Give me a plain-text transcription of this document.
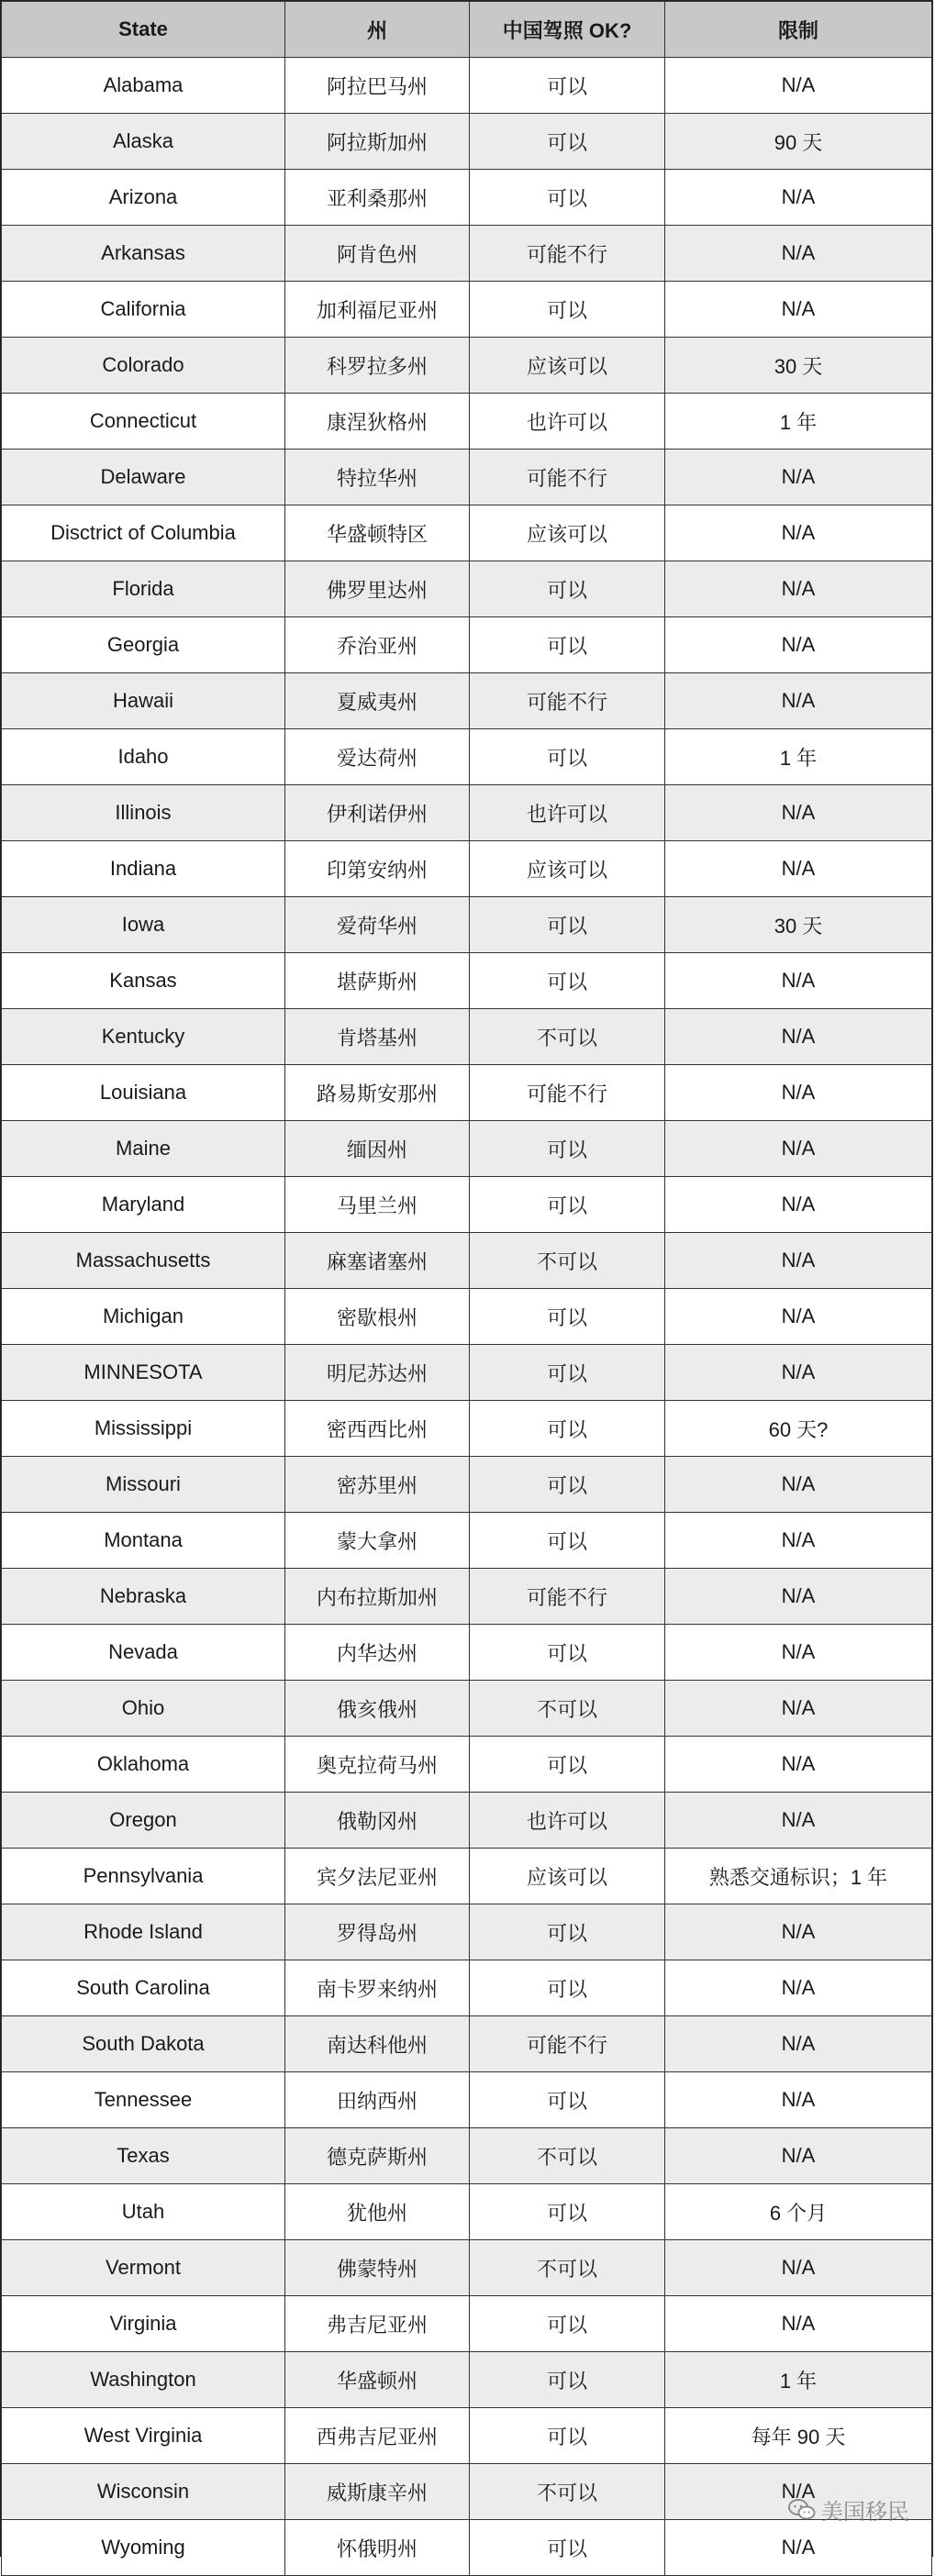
State	州	中国驾照 OK?	限制
Alabama	阿拉巴马州	可以	N/A
Alaska	阿拉斯加州	可以	90 天
Arizona	亚利桑那州	可以	N/A
Arkansas	阿肯色州	可能不行	N/A
California	加利福尼亚州	可以	N/A
Colorado	科罗拉多州	应该可以	30 天
Connecticut	康涅狄格州	也许可以	1 年
Delaware	特拉华州	可能不行	N/A
Disctrict of Columbia	华盛顿特区	应该可以	N/A
Florida	佛罗里达州	可以	N/A
Georgia	乔治亚州	可以	N/A
Hawaii	夏威夷州	可能不行	N/A
Idaho	爱达荷州	可以	1 年
Illinois	伊利诺伊州	也许可以	N/A
Indiana	印第安纳州	应该可以	N/A
Iowa	爱荷华州	可以	30 天
Kansas	堪萨斯州	可以	N/A
Kentucky	肯塔基州	不可以	N/A
Louisiana	路易斯安那州	可能不行	N/A
Maine	缅因州	可以	N/A
Maryland	马里兰州	可以	N/A
Massachusetts	麻塞诸塞州	不可以	N/A
Michigan	密歇根州	可以	N/A
MINNESOTA	明尼苏达州	可以	N/A
Mississippi	密西西比州	可以	60 天?
Missouri	密苏里州	可以	N/A
Montana	蒙大拿州	可以	N/A
Nebraska	内布拉斯加州	可能不行	N/A
Nevada	内华达州	可以	N/A
Ohio	俄亥俄州	不可以	N/A
Oklahoma	奥克拉荷马州	可以	N/A
Oregon	俄勒冈州	也许可以	N/A
Pennsylvania	宾夕法尼亚州	应该可以	熟悉交通标识；1 年
Rhode Island	罗得岛州	可以	N/A
South Carolina	南卡罗来纳州	可以	N/A
South Dakota	南达科他州	可能不行	N/A
Tennessee	田纳西州	可以	N/A
Texas	德克萨斯州	不可以	N/A
Utah	犹他州	可以	6 个月
Vermont	佛蒙特州	不可以	N/A
Virginia	弗吉尼亚州	可以	N/A
Washington	华盛顿州	可以	1 年
West Virginia	西弗吉尼亚州	可以	每年 90 天
Wisconsin	威斯康辛州	不可以	N/A
Wyoming	怀俄明州	可以	N/A
美国移民
